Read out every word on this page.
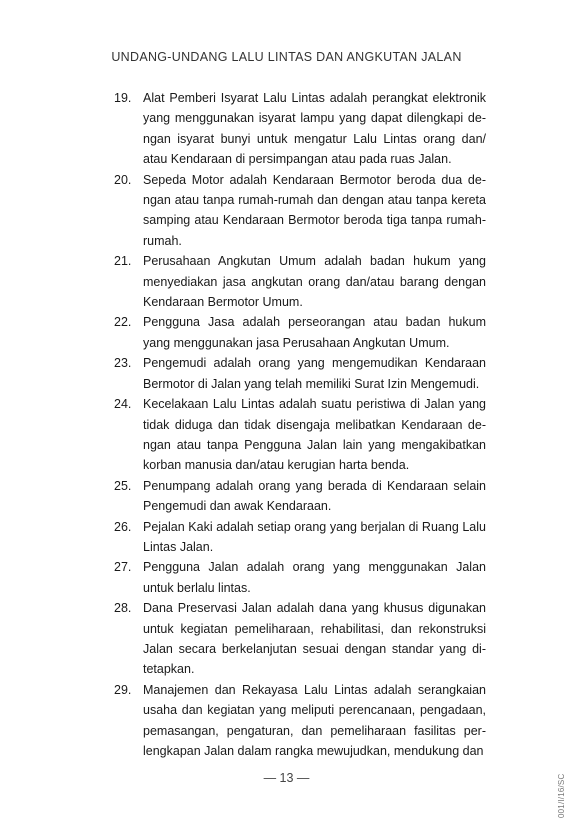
UNDANG-UNDANG LALU LINTAS DAN ANGKUTAN JALAN
19. Alat Pemberi Isyarat Lalu Lintas adalah perangkat elektronik yang menggunakan isyarat lampu yang dapat dilengkapi dengan isyarat bunyi untuk mengatur Lalu Lintas orang dan/ atau Kendaraan di persimpangan atau pada ruas Jalan.
20. Sepeda Motor adalah Kendaraan Bermotor beroda dua dengan atau tanpa rumah-rumah dan dengan atau tanpa kereta samping atau Kendaraan Bermotor beroda tiga tanpa rumahrumah.
21. Perusahaan Angkutan Umum adalah badan hukum yang menyediakan jasa angkutan orang dan/atau barang dengan Kendaraan Bermotor Umum.
22. Pengguna Jasa adalah perseorangan atau badan hukum yang menggunakan jasa Perusahaan Angkutan Umum.
23. Pengemudi adalah orang yang mengemudikan Kendaraan Bermotor di Jalan yang telah memiliki Surat Izin Mengemudi.
24. Kecelakaan Lalu Lintas adalah suatu peristiwa di Jalan yang tidak diduga dan tidak disengaja melibatkan Kendaraan dengan atau tanpa Pengguna Jalan lain yang mengakibatkan korban manusia dan/atau kerugian harta benda.
25. Penumpang adalah orang yang berada di Kendaraan selain Pengemudi dan awak Kendaraan.
26. Pejalan Kaki adalah setiap orang yang berjalan di Ruang Lalu Lintas Jalan.
27. Pengguna Jalan adalah orang yang menggunakan Jalan untuk berlalu lintas.
28. Dana Preservasi Jalan adalah dana yang khusus digunakan untuk kegiatan pemeliharaan, rehabilitasi, dan rekonstruksi Jalan secara berkelanjutan sesuai dengan standar yang ditetapkan.
29. Manajemen dan Rekayasa Lalu Lintas adalah serangkaian usaha dan kegiatan yang meliputi perencanaan, pengadaan, pemasangan, pengaturan, dan pemeliharaan fasilitas perlengkapan Jalan dalam rangka mewujudkan, mendukung dan
— 13 —	001/I/16/SC
